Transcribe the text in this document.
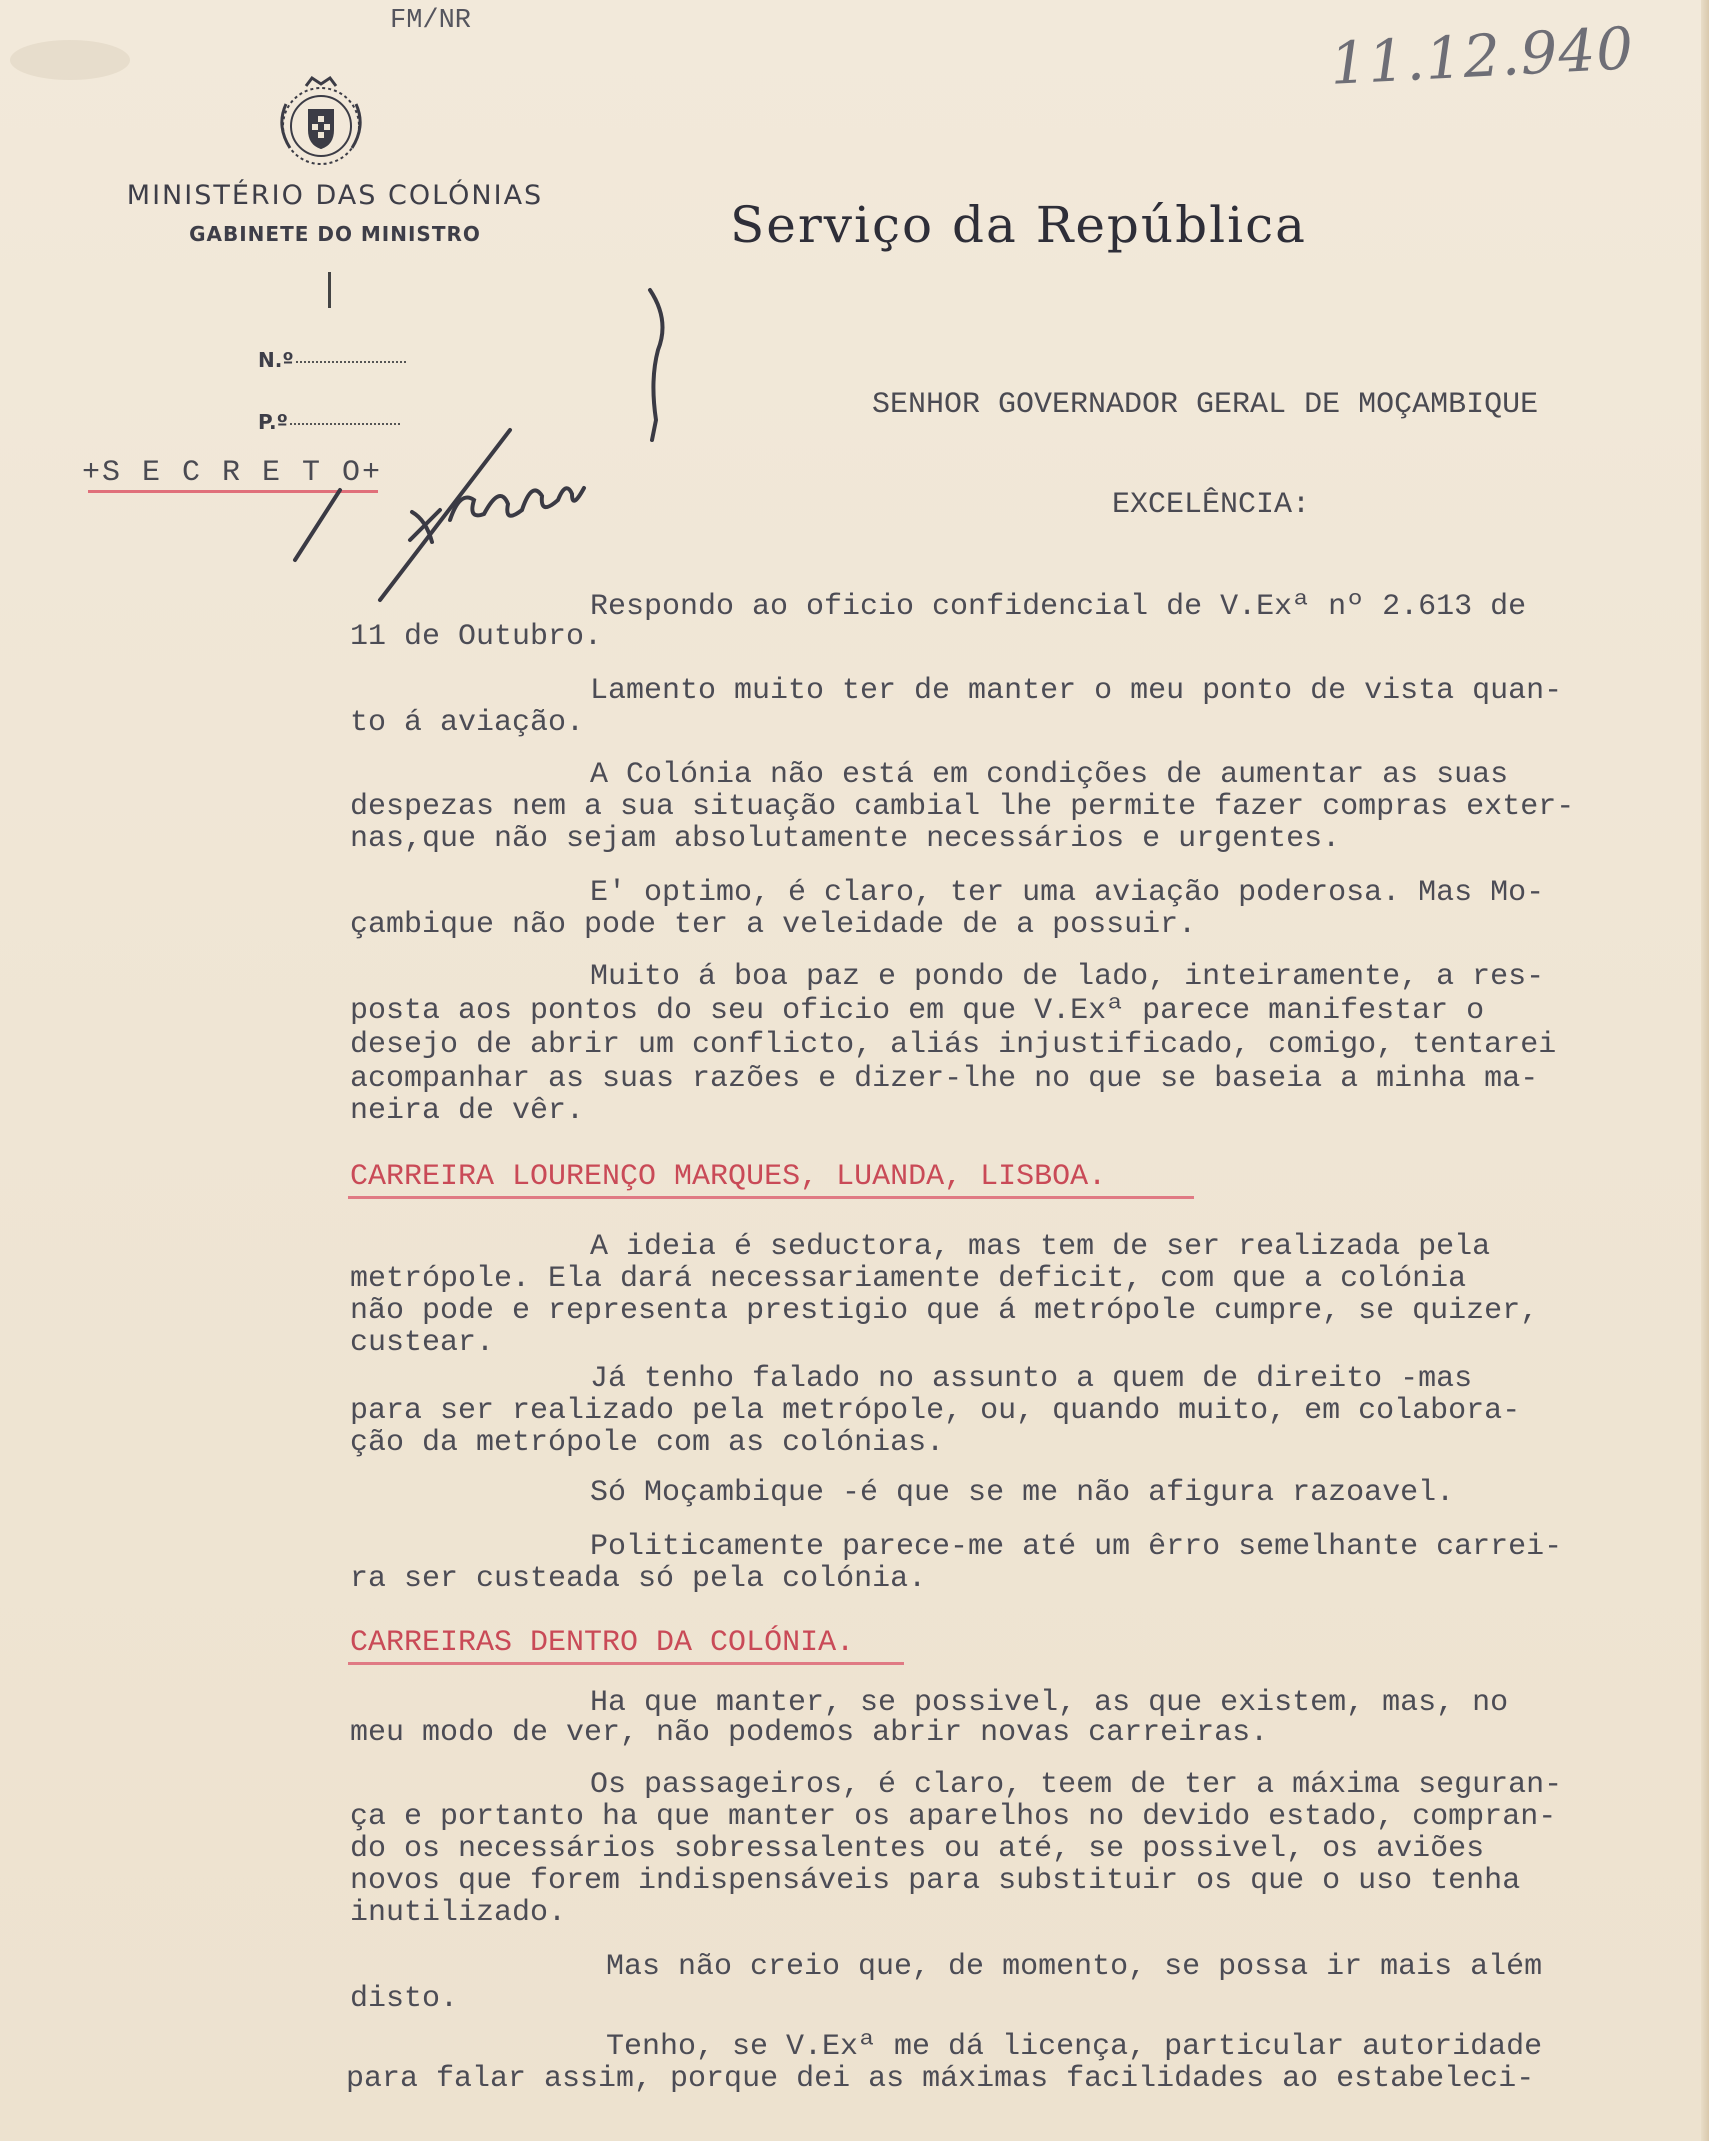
FM/NR	11.12.940
MINISTÉRIO DAS COLÓNIAS
GABINETE DO MINISTRO
N.º
P.º
+S E C R E T O+
Serviço da República
SENHOR GOVERNADOR GERAL DE MOÇAMBIQUE
EXCELÊNCIA:
Respondo ao oficio confidencial de V.Exª nº 2.613 de
11 de Outubro.
Lamento muito ter de manter o meu ponto de vista quan-
to á aviação.
A Colónia não está em condições de aumentar as suas
despezas nem a sua situação cambial lhe permite fazer compras exter-
nas,que não sejam absolutamente necessários e urgentes.
E' optimo, é claro, ter uma aviação poderosa. Mas Mo-
çambique não pode ter a veleidade de a possuir.
Muito á boa paz e pondo de lado, inteiramente, a res-
posta aos pontos do seu oficio em que V.Exª parece manifestar o
desejo de abrir um conflicto, aliás injustificado, comigo, tentarei
acompanhar as suas razões e dizer-lhe no que se baseia a minha ma-
neira de vêr.
CARREIRA LOURENÇO MARQUES, LUANDA, LISBOA.
A ideia é seductora, mas tem de ser realizada pela
metrópole. Ela dará necessariamente deficit, com que a colónia
não pode e representa prestigio que á metrópole cumpre, se quizer,
custear.
Já tenho falado no assunto a quem de direito -mas
para ser realizado pela metrópole, ou, quando muito, em colabora-
ção da metrópole com as colónias.
Só Moçambique -é que se me não afigura razoavel.
Politicamente parece-me até um êrro semelhante carrei-
ra ser custeada só pela colónia.
CARREIRAS DENTRO DA COLÓNIA.
Ha que manter, se possivel, as que existem, mas, no
meu modo de ver, não podemos abrir novas carreiras.
Os passageiros, é claro, teem de ter a máxima seguran-
ça e portanto ha que manter os aparelhos no devido estado, compran-
do os necessários sobressalentes ou até, se possivel, os aviões
novos que forem indispensáveis para substituir os que o uso tenha
inutilizado.
Mas não creio que, de momento, se possa ir mais além
disto.
Tenho, se V.Exª me dá licença, particular autoridade
para falar assim, porque dei as máximas facilidades ao estabeleci-
